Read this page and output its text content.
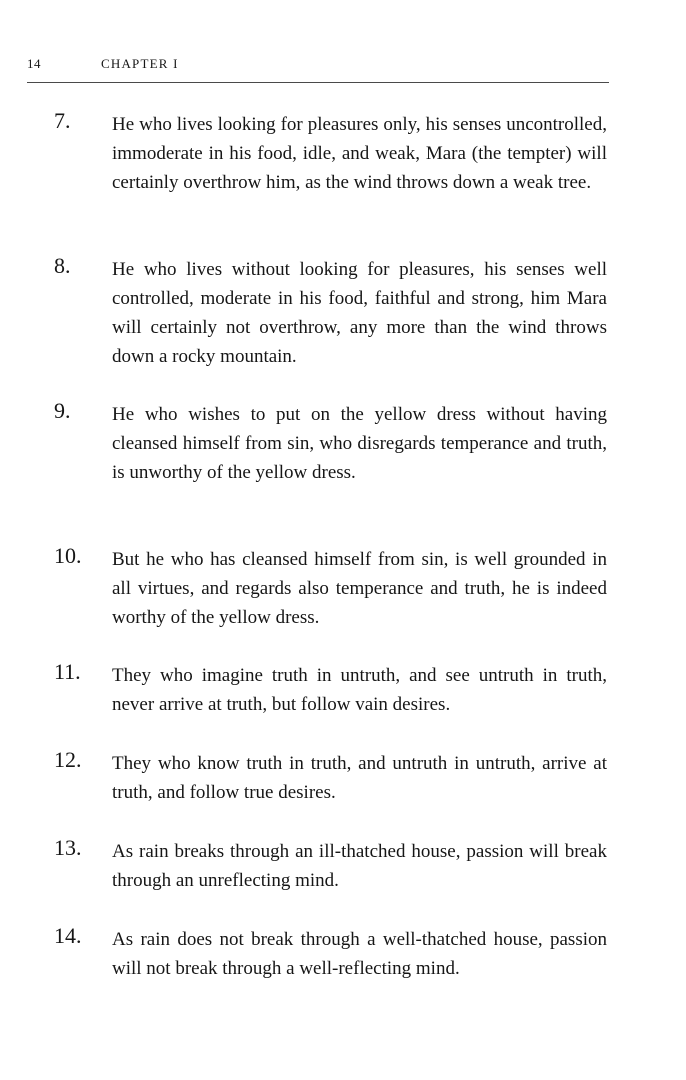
14	CHAPTER I
7. He who lives looking for pleasures only, his senses uncontrolled, immoderate in his food, idle, and weak, Mara (the tempter) will certainly overthrow him, as the wind throws down a weak tree.
8. He who lives without looking for pleasures, his senses well controlled, moderate in his food, faithful and strong, him Mara will certainly not overthrow, any more than the wind throws down a rocky mountain.
9. He who wishes to put on the yellow dress without having cleansed himself from sin, who disregards temperance and truth, is unworthy of the yellow dress.
10. But he who has cleansed himself from sin, is well grounded in all virtues, and regards also temperance and truth, he is indeed worthy of the yellow dress.
11. They who imagine truth in untruth, and see untruth in truth, never arrive at truth, but follow vain desires.
12. They who know truth in truth, and untruth in untruth, arrive at truth, and follow true desires.
13. As rain breaks through an ill-thatched house, passion will break through an unreflecting mind.
14. As rain does not break through a well-thatched house, passion will not break through a well-reflecting mind.
